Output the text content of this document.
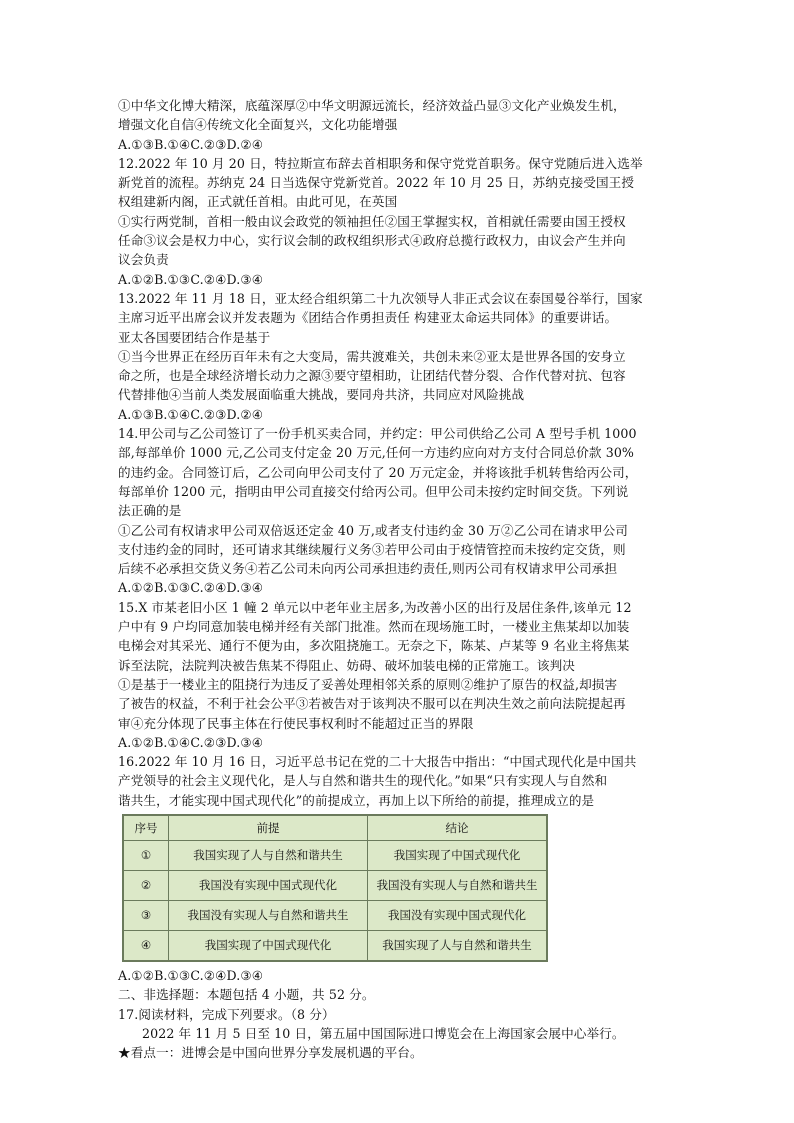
①中华文化博大精深，底蕴深厚②中华文明源远流长，经济效益凸显③文化产业焕发生机，
增强文化自信④传统文化全面复兴，文化功能增强
A.①③B.①④C.②③D.②④
12.2022 年 10 月 20 日，特拉斯宣布辞去首相职务和保守党党首职务。保守党随后进入选举
新党首的流程。苏纳克 24 日当选保守党新党首。2022 年 10 月 25 日，苏纳克接受国王授
权组建新内阁，正式就任首相。由此可见，在英国
①实行两党制，首相一般由议会政党的领袖担任②国王掌握实权，首相就任需要由国王授权
任命③议会是权力中心，实行议会制的政权组织形式④政府总揽行政权力，由议会产生并向
议会负责
A.①②B.①③C.②④D.③④
13.2022 年 11 月 18 日，亚太经合组织第二十九次领导人非正式会议在泰国曼谷举行，国家
主席习近平出席会议并发表题为《团结合作勇担责任 构建亚太命运共同体》的重要讲话。
亚太各国要团结合作是基于
①当今世界正在经历百年未有之大变局，需共渡难关，共创未来②亚太是世界各国的安身立
命之所，也是全球经济增长动力之源③要守望相助，让团结代替分裂、合作代替对抗、包容
代替排他④当前人类发展面临重大挑战，要同舟共济，共同应对风险挑战
A.①③B.①④C.②③D.②④
14.甲公司与乙公司签订了一份手机买卖合同，并约定：甲公司供给乙公司 A 型号手机 1000
部,每部单价 1000 元,乙公司支付定金 20 万元,任何一方违约应向对方支付合同总价款 30%
的违约金。合同签订后，乙公司向甲公司支付了 20 万元定金，并将该批手机转售给丙公司，
每部单价 1200 元，指明由甲公司直接交付给丙公司。但甲公司未按约定时间交货。下列说
法正确的是
①乙公司有权请求甲公司双倍返还定金 40 万,或者支付违约金 30 万②乙公司在请求甲公司
支付违约金的同时，还可请求其继续履行义务③若甲公司由于疫情管控而未按约定交货，则
后续不必承担交货义务④若乙公司未向丙公司承担违约责任,则丙公司有权请求甲公司承担
A.①②B.①③C.②④D.③④
15.X 市某老旧小区 1 幢 2 单元以中老年业主居多,为改善小区的出行及居住条件,该单元 12
户中有 9 户均同意加装电梯并经有关部门批准。然而在现场施工时，一楼业主焦某却以加装
电梯会对其采光、通行不便为由，多次阻挠施工。无奈之下，陈某、卢某等 9 名业主将焦某
诉至法院，法院判决被告焦某不得阻止、妨碍、破坏加装电梯的正常施工。该判决
①是基于一楼业主的阻挠行为违反了妥善处理相邻关系的原则②维护了原告的权益,却损害
了被告的权益，不利于社会公平③若被告对于该判决不服可以在判决生效之前向法院提起再
审④充分体现了民事主体在行使民事权利时不能超过正当的界限
A.①②B.①④C.②③D.③④
16.2022 年 10 月 16 日，习近平总书记在党的二十大报告中指出：“中国式现代化是中国共
产党领导的社会主义现代化，是人与自然和谐共生的现代化。”如果“只有实现人与自然和
谐共生，才能实现中国式现代化”的前提成立，再加上以下所给的前提，推理成立的是
序号	前提	结论
①	我国实现了人与自然和谐共生	我国实现了中国式现代化
②	我国没有实现中国式现代化	我国没有实现人与自然和谐共生
③	我国没有实现人与自然和谐共生	我国没有实现中国式现代化
④	我国实现了中国式现代化	我国实现了人与自然和谐共生
A.①②B.①③C.②④D.③④
二、非选择题：本题包括 4 小题，共 52 分。
17.阅读材料，完成下列要求。（8 分）
2022 年 11 月 5 日至 10 日，第五届中国国际进口博览会在上海国家会展中心举行。
★看点一：进博会是中国向世界分享发展机遇的平台。
